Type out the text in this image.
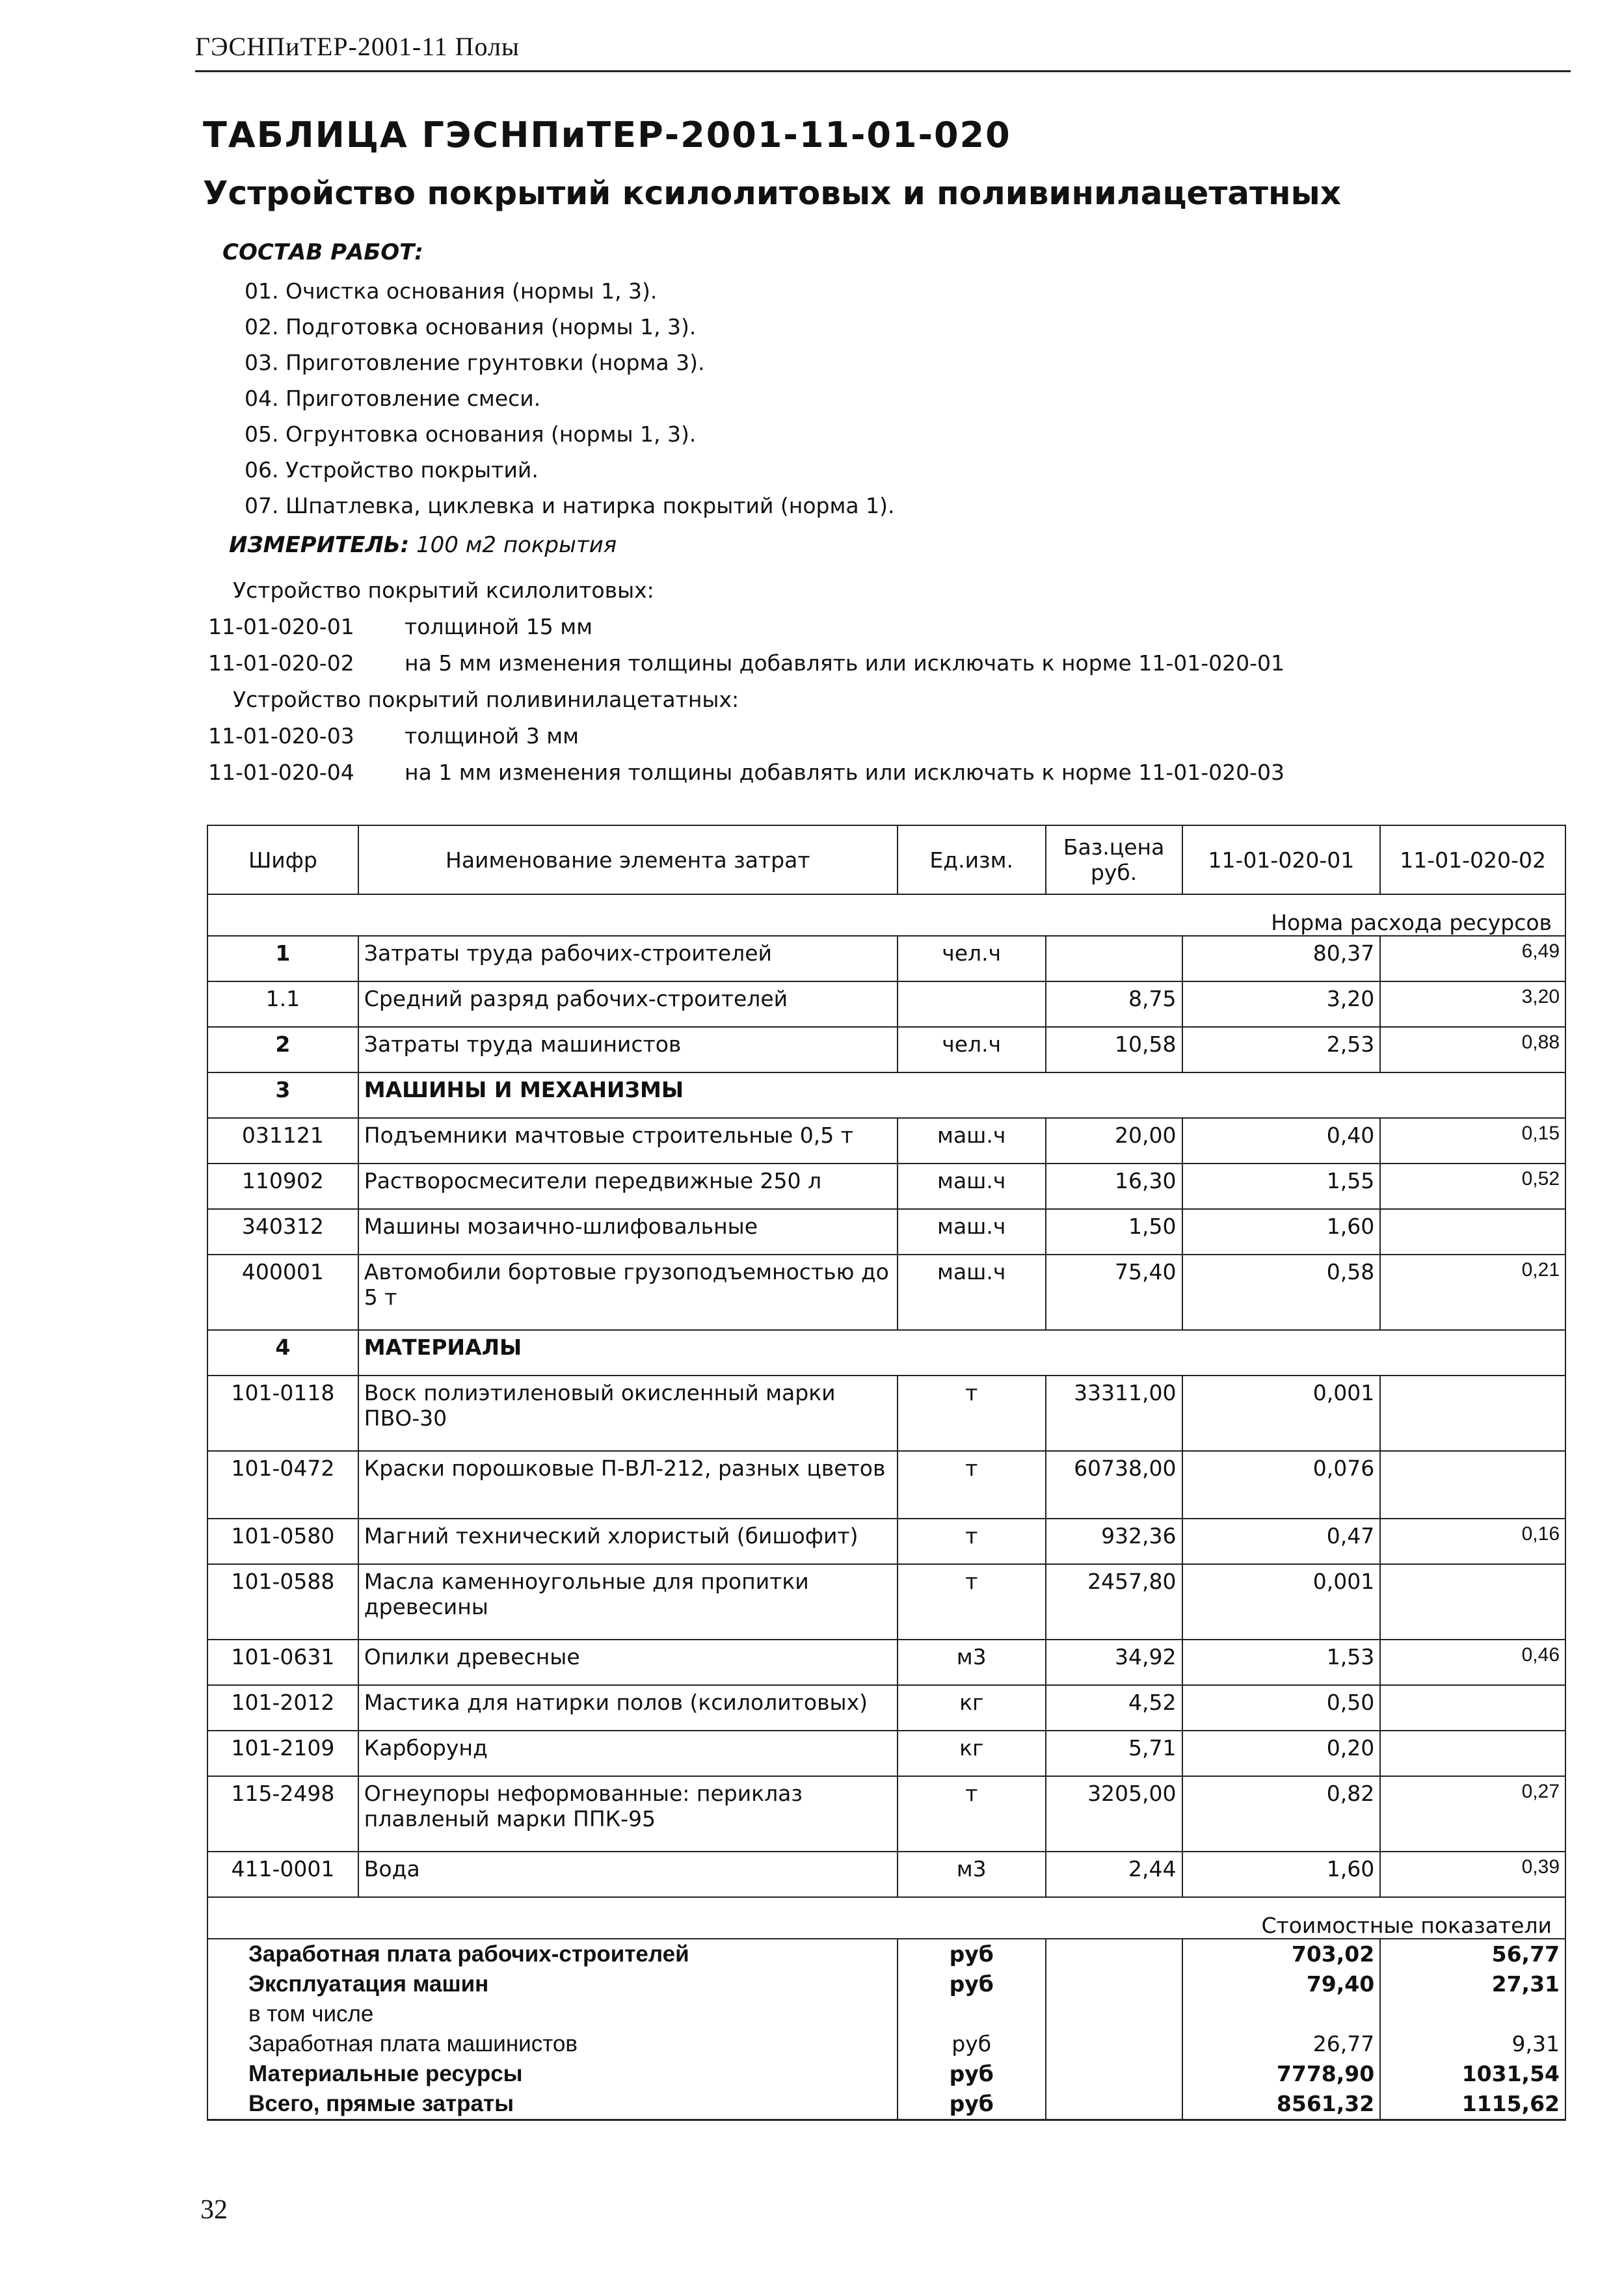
ГЭСНПиТЕР-2001-11 Полы
ТАБЛИЦА ГЭСНПиТЕР-2001-11-01-020
Устройство покрытий ксилолитовых и поливинилацетатных
СОСТАВ РАБОТ:
01. Очистка основания (нормы 1, 3).
02. Подготовка основания (нормы 1, 3).
03. Приготовление грунтовки (норма 3).
04. Приготовление смеси.
05. Огрунтовка основания (нормы 1, 3).
06. Устройство покрытий.
07. Шпатлевка, циклевка и натирка покрытий (норма 1).
ИЗМЕРИТЕЛЬ: 100 м2 покрытия
Устройство покрытий ксилолитовых:
11-01-020-01 толщиной 15 мм
11-01-020-02 на 5 мм изменения толщины добавлять или исключать к норме 11-01-020-01
Устройство покрытий поливинилацетатных:
11-01-020-03 толщиной 3 мм
11-01-020-04 на 1 мм изменения толщины добавлять или исключать к норме 11-01-020-03
Шифр	Наименование элемента затрат	Ед.изм.	Баз.цена руб.	11-01-020-01	11-01-020-02
Норма расхода ресурсов					
1	Затраты труда рабочих-строителей	чел.ч		80,37	6,49
1.1	Средний разряд рабочих-строителей		8,75	3,20	3,20
2	Затраты труда машинистов	чел.ч	10,58	2,53	0,88
3	МАШИНЫ И МЕХАНИЗМЫ				
031121	Подъемники мачтовые строительные 0,5 т	маш.ч	20,00	0,40	0,15
110902	Растворосмесители передвижные 250 л	маш.ч	16,30	1,55	0,52
340312	Машины мозаично-шлифовальные	маш.ч	1,50	1,60	
400001	Автомобили бортовые грузоподъемностью до 5 т	маш.ч	75,40	0,58	0,21
4	МАТЕРИАЛЫ				
101-0118	Воск полиэтиленовый окисленный марки ПВО-30	т	33311,00	0,001	
101-0472	Краски порошковые П-ВЛ-212, разных цветов	т	60738,00	0,076	
101-0580	Магний технический хлористый (бишофит)	т	932,36	0,47	0,16
101-0588	Масла каменноугольные для пропитки древесины	т	2457,80	0,001	
101-0631	Опилки древесные	м3	34,92	1,53	0,46
101-2012	Мастика для натирки полов (ксилолитовых)	кг	4,52	0,50	
101-2109	Карборунд	кг	5,71	0,20	
115-2498	Огнеупоры неформованные: периклаз плавленый марки ППК-95	т	3205,00	0,82	0,27
411-0001	Вода	м3	2,44	1,60	0,39
Стоимостные показатели					
Заработная плата рабочих-строителей		руб		703,02	56,77
Эксплуатация машин		руб		79,40	27,31
в том числе					
Заработная плата машинистов		руб		26,77	9,31
Материальные ресурсы		руб		7778,90	1031,54
Всего, прямые затраты		руб		8561,32	1115,62
32
